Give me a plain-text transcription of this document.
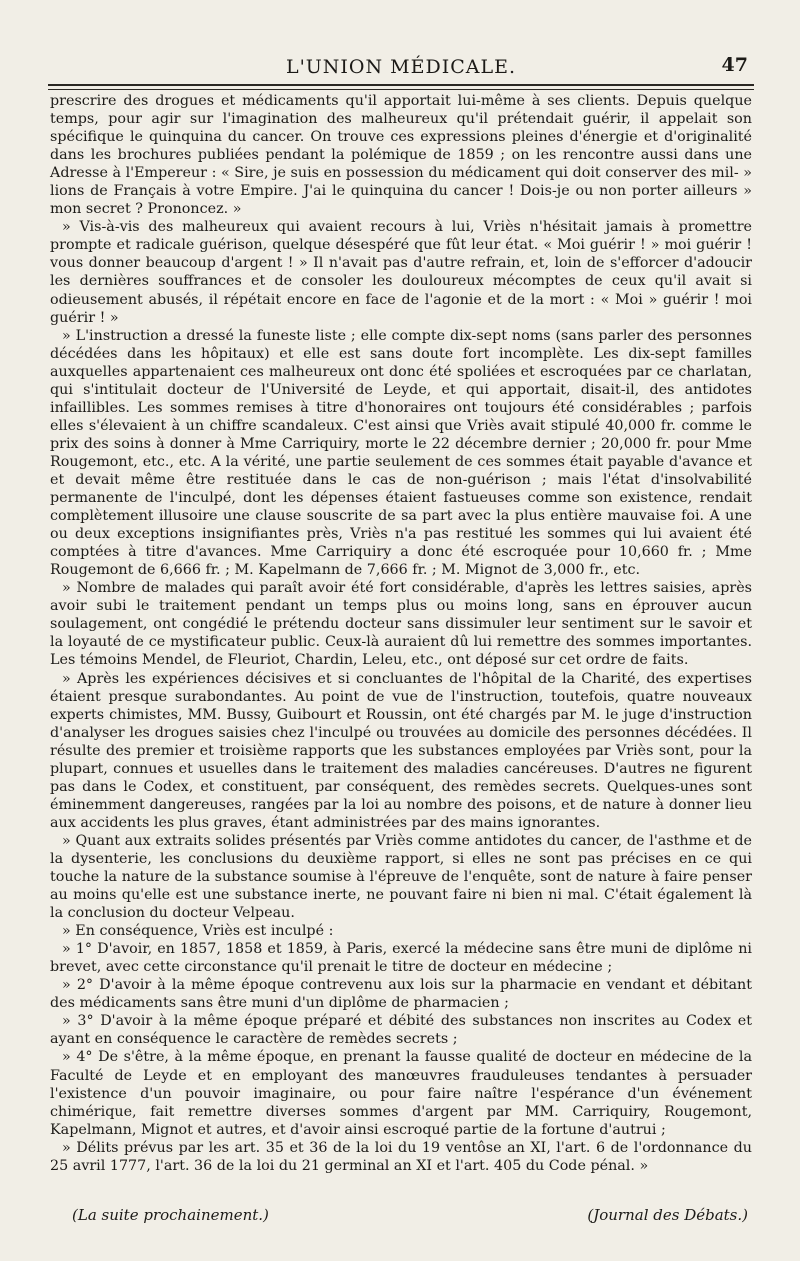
L'UNION MÉDICALE.	47

prescrire des drogues et médicaments qu'il apportait lui-même à ses clients. Depuis quelque temps, pour agir sur l'imagination des malheureux qu'il prétendait guérir, il appelait son spécifique le quinquina du cancer. On trouve ces expressions pleines d'énergie et d'originalité dans les brochures publiées pendant la polémique de 1859 ; on les rencontre aussi dans une Adresse à l'Empereur : « Sire, je suis en possession du médicament qui doit conserver des mil- » lions de Français à votre Empire. J'ai le quinquina du cancer ! Dois-je ou non porter ailleurs » mon secret ? Prononcez. »

» Vis-à-vis des malheureux qui avaient recours à lui, Vriès n'hésitait jamais à promettre prompte et radicale guérison, quelque désespéré que fût leur état. « Moi guérir ! » moi guérir ! vous donner beaucoup d'argent ! » Il n'avait pas d'autre refrain, et, loin de s'efforcer d'adoucir les dernières souffrances et de consoler les douloureux mécomptes de ceux qu'il avait si odieusement abusés, il répétait encore en face de l'agonie et de la mort : « Moi » guérir ! moi guérir ! »

» L'instruction a dressé la funeste liste ; elle compte dix-sept noms (sans parler des personnes décédées dans les hôpitaux) et elle est sans doute fort incomplète. Les dix-sept familles auxquelles appartenaient ces malheureux ont donc été spoliées et escroquées par ce charlatan, qui s'intitulait docteur de l'Université de Leyde, et qui apportait, disait-il, des antidotes infaillibles. Les sommes remises à titre d'honoraires ont toujours été considérables ; parfois elles s'élevaient à un chiffre scandaleux. C'est ainsi que Vriès avait stipulé 40,000 fr. comme le prix des soins à donner à Mme Carriquiry, morte le 22 décembre dernier ; 20,000 fr. pour Mme Rougemont, etc., etc. A la vérité, une partie seulement de ces sommes était payable d'avance et et devait même être restituée dans le cas de non-guérison ; mais l'état d'insolvabilité permanente de l'inculpé, dont les dépenses étaient fastueuses comme son existence, rendait complètement illusoire une clause souscrite de sa part avec la plus entière mauvaise foi. A une ou deux exceptions insignifiantes près, Vriès n'a pas restitué les sommes qui lui avaient été comptées à titre d'avances. Mme Carriquiry a donc été escroquée pour 10,660 fr. ; Mme Rougemont de 6,666 fr. ; M. Kapelmann de 7,666 fr. ; M. Mignot de 3,000 fr., etc.

» Nombre de malades qui paraît avoir été fort considérable, d'après les lettres saisies, après avoir subi le traitement pendant un temps plus ou moins long, sans en éprouver aucun soulagement, ont congédié le prétendu docteur sans dissimuler leur sentiment sur le savoir et la loyauté de ce mystificateur public. Ceux-là auraient dû lui remettre des sommes importantes. Les témoins Mendel, de Fleuriot, Chardin, Leleu, etc., ont déposé sur cet ordre de faits.

» Après les expériences décisives et si concluantes de l'hôpital de la Charité, des expertises étaient presque surabondantes. Au point de vue de l'instruction, toutefois, quatre nouveaux experts chimistes, MM. Bussy, Guibourt et Roussin, ont été chargés par M. le juge d'instruction d'analyser les drogues saisies chez l'inculpé ou trouvées au domicile des personnes décédées. Il résulte des premier et troisième rapports que les substances employées par Vriès sont, pour la plupart, connues et usuelles dans le traitement des maladies cancéreuses. D'autres ne figurent pas dans le Codex, et constituent, par conséquent, des remèdes secrets. Quelques-unes sont éminemment dangereuses, rangées par la loi au nombre des poisons, et de nature à donner lieu aux accidents les plus graves, étant administrées par des mains ignorantes.

» Quant aux extraits solides présentés par Vriès comme antidotes du cancer, de l'asthme et de la dysenterie, les conclusions du deuxième rapport, si elles ne sont pas précises en ce qui touche la nature de la substance soumise à l'épreuve de l'enquête, sont de nature à faire penser au moins qu'elle est une substance inerte, ne pouvant faire ni bien ni mal. C'était également là la conclusion du docteur Velpeau.

» En conséquence, Vriès est inculpé :

» 1° D'avoir, en 1857, 1858 et 1859, à Paris, exercé la médecine sans être muni de diplôme ni brevet, avec cette circonstance qu'il prenait le titre de docteur en médecine ;

» 2° D'avoir à la même époque contrevenu aux lois sur la pharmacie en vendant et débitant des médicaments sans être muni d'un diplôme de pharmacien ;

» 3° D'avoir à la même époque préparé et débité des substances non inscrites au Codex et ayant en conséquence le caractère de remèdes secrets ;

» 4° De s'être, à la même époque, en prenant la fausse qualité de docteur en médecine de la Faculté de Leyde et en employant des manœuvres frauduleuses tendantes à persuader l'existence d'un pouvoir imaginaire, ou pour faire naître l'espérance d'un événement chimérique, fait remettre diverses sommes d'argent par MM. Carriquiry, Rougemont, Kapelmann, Mignot et autres, et d'avoir ainsi escroqué partie de la fortune d'autrui ;

» Délits prévus par les art. 35 et 36 de la loi du 19 ventôse an XI, l'art. 6 de l'ordonnance du 25 avril 1777, l'art. 36 de la loi du 21 germinal an XI et l'art. 405 du Code pénal. »

(La suite prochainement.)	(Journal des Débats.)
